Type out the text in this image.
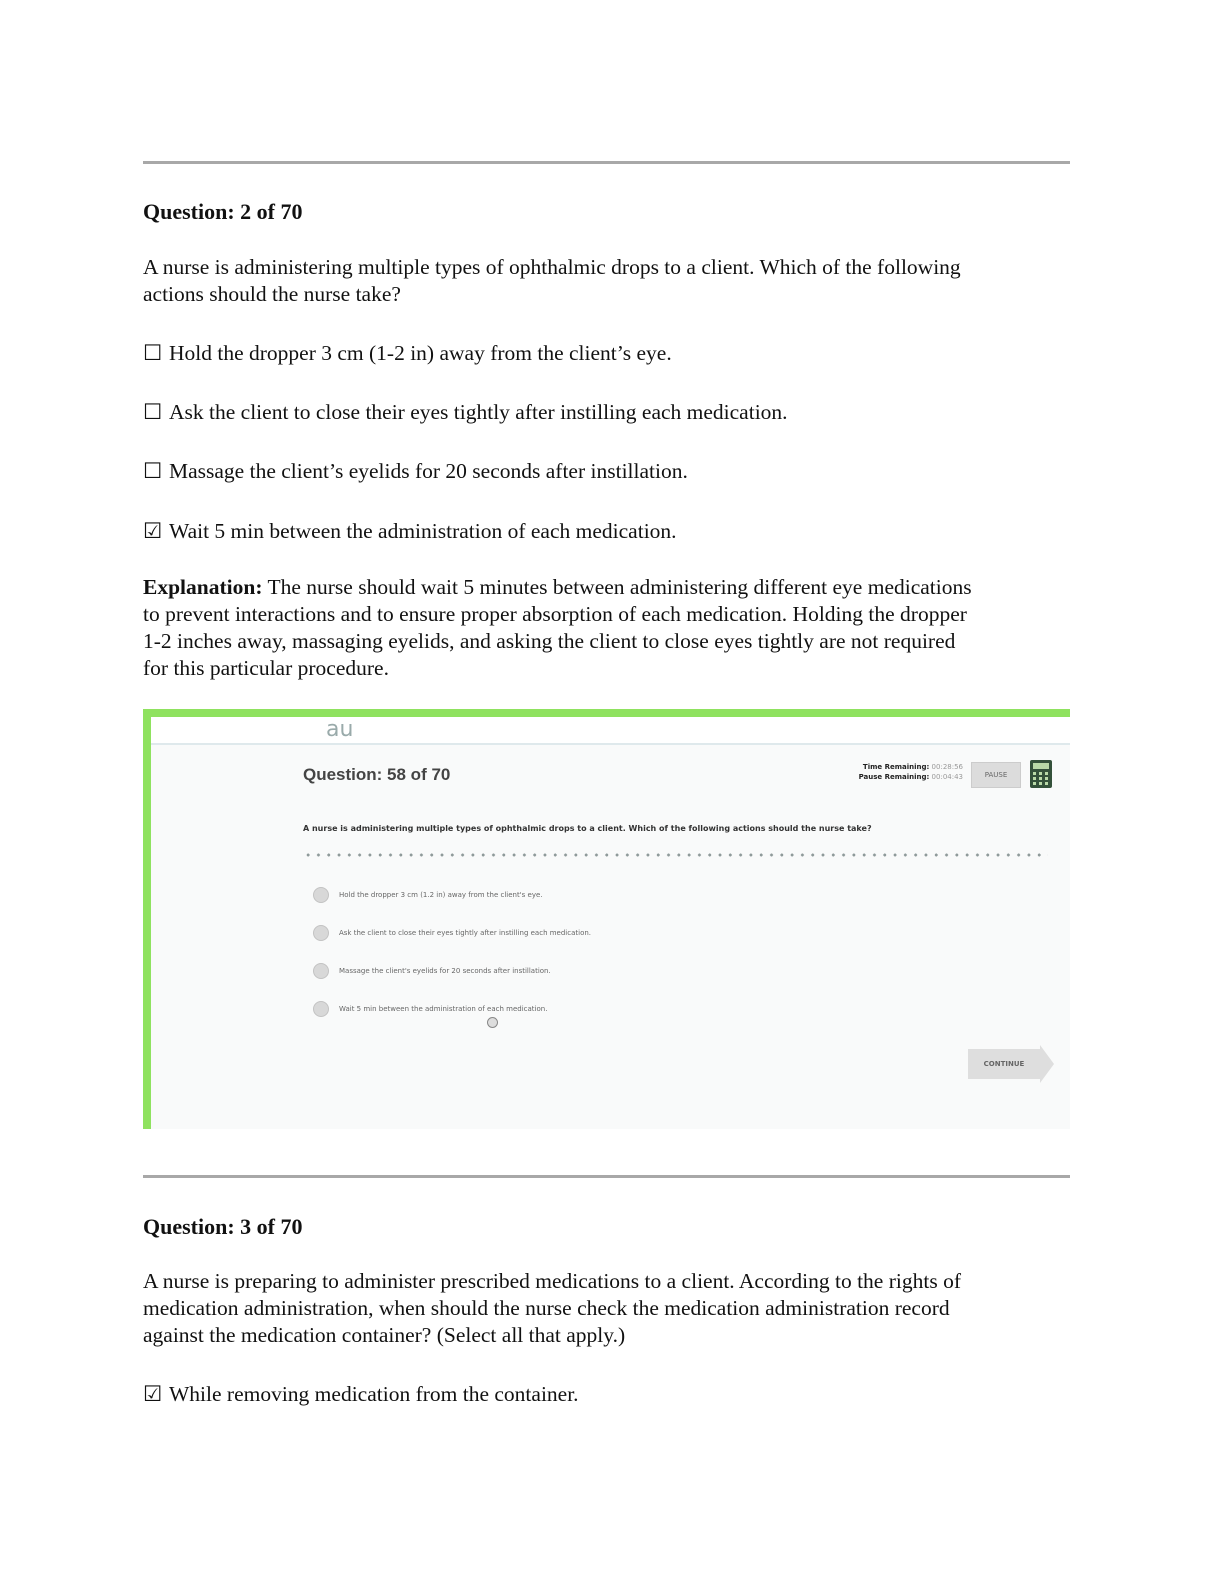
Question: 2 of 70

A nurse is administering multiple types of ophthalmic drops to a client. Which of the following
actions should the nurse take?

☐ Hold the dropper 3 cm (1-2 in) away from the client’s eye.
☐ Ask the client to close their eyes tightly after instilling each medication.
☐ Massage the client’s eyelids for 20 seconds after instillation.
☑ Wait 5 min between the administration of each medication.

Explanation: The nurse should wait 5 minutes between administering different eye medications
to prevent interactions and to ensure proper absorption of each medication. Holding the dropper
1-2 inches away, massaging eyelids, and asking the client to close eyes tightly are not required
for this particular procedure.

au
Question: 58 of 70	Time Remaining: 00:28:56
Pause Remaining: 00:04:43	PAUSE
A nurse is administering multiple types of ophthalmic drops to a client. Which of the following actions should the nurse take?
Hold the dropper 3 cm (1.2 in) away from the client's eye.
Ask the client to close their eyes tightly after instilling each medication.
Massage the client's eyelids for 20 seconds after instillation.
Wait 5 min between the administration of each medication.
CONTINUE
Question: 3 of 70

A nurse is preparing to administer prescribed medications to a client. According to the rights of
medication administration, when should the nurse check the medication administration record
against the medication container? (Select all that apply.)

☑ While removing medication from the container.
